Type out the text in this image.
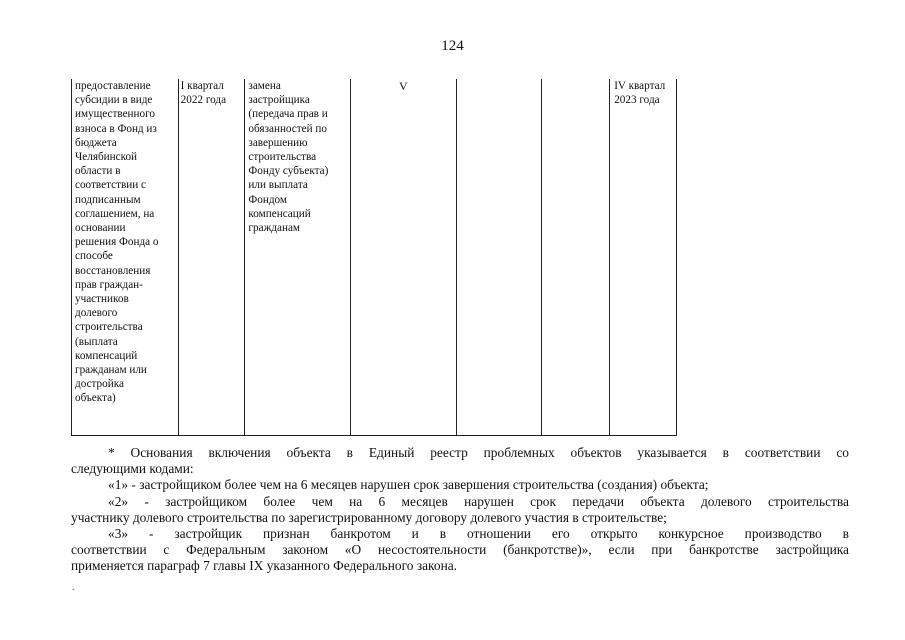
124
предоставление
субсидии в виде
имущественного
взноса в Фонд из
бюджета
Челябинской
области в
соответствии с
подписанным
соглашением, на
основании
решения Фонда о
способе
восстановления
прав граждан-
участников
долевого
строительства
(выплата
компенсаций
гражданам или
достройка
объекта)
I квартал
2022 года
замена
застройщика
(передача прав и
обязанностей по
завершению
строительства
Фонду субъекта)
или выплата
Фондом
компенсаций
гражданам
V	IV квартал
2023 года

* Основания включения объекта в Единый реестр проблемных объектов указывается в соответствии со

следующими кодами:

«1» - застройщиком более чем на 6 месяцев нарушен срок завершения строительства (создания) объекта;

«2» - застройщиком более чем на 6 месяцев нарушен срок передачи объекта долевого строительства

участнику долевого строительства по зарегистрированному договору долевого участия в строительстве;

«3» - застройщик признан банкротом и в отношении его открыто конкурсное производство в

соответствии с Федеральным законом «О несостоятельности (банкротстве)», если при банкротстве застройщика

применяется параграф 7 главы IX указанного Федерального закона.

.
